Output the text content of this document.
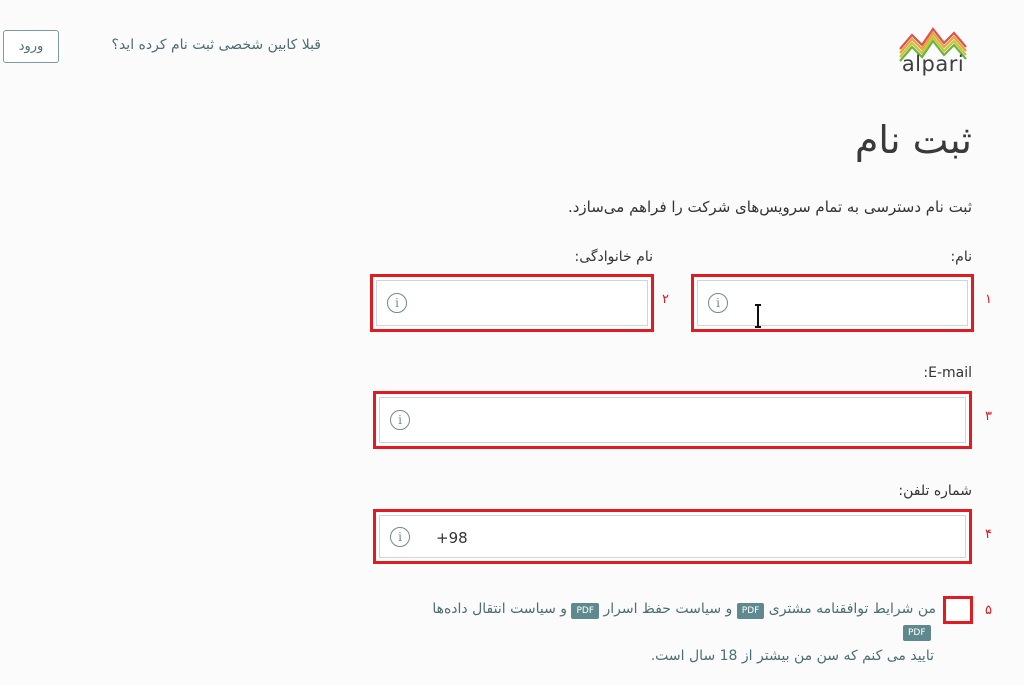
ورود	قبلا کابین شخصی ثبت نام کرده اید؟
alpari
ثبت نام
ثبت نام دسترسی به تمام سرویس‌های شرکت را فراهم می‌سازد.
نام:
۱
i
نام خانوادگی:
۲
i
E-mail:
۳
i
شماره تلفن:
۴
i
+98
۵
من شرایط توافقنامه مشتری PDF و سیاست حفظ اسرار PDF و سیاست انتقال داده‌ها
PDF
تایید می کنم که سن من بیشتر از 18 سال است.
